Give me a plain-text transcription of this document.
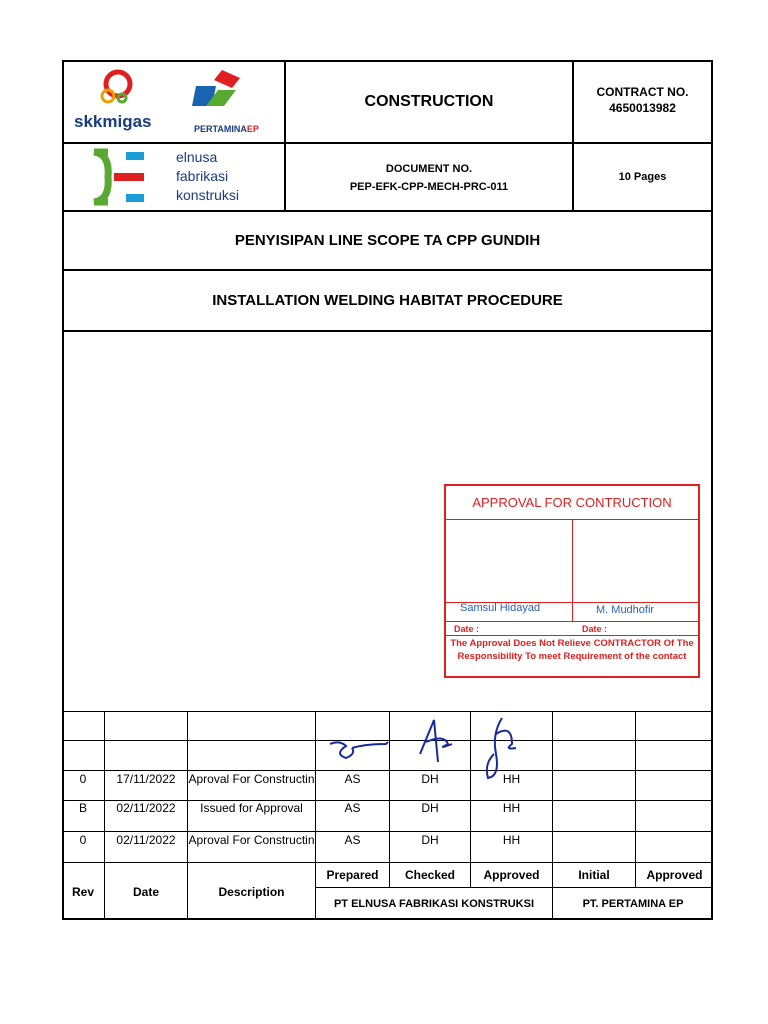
skkmigas	PERTAMINAEP
CONSTRUCTION
CONTRACT NO.
4650013982
elnusa
fabrikasi
konstruksi
DOCUMENT NO.
PEP-EFK-CPP-MECH-PRC-011
10 Pages
PENYISIPAN LINE SCOPE TA CPP GUNDIH
INSTALLATION WELDING HABITAT PROCEDURE
APPROVAL FOR CONTRUCTION
Samsul Hidayad	M. Mudhofir
Date :	Date :
The Approval Does Not Relieve CONTRACTOR Of The Responsibility To meet Requirement of the contact
0	17/11/2022	Aproval For Constructin	AS	DH	HH
B	02/11/2022	Issued for Approval	AS	DH	HH
0	02/11/2022	Aproval For Constructin	AS	DH	HH
Rev	Date	Description
Prepared	Checked	Approved	Initial	Approved
PT ELNUSA FABRIKASI KONSTRUKSI	PT. PERTAMINA EP
